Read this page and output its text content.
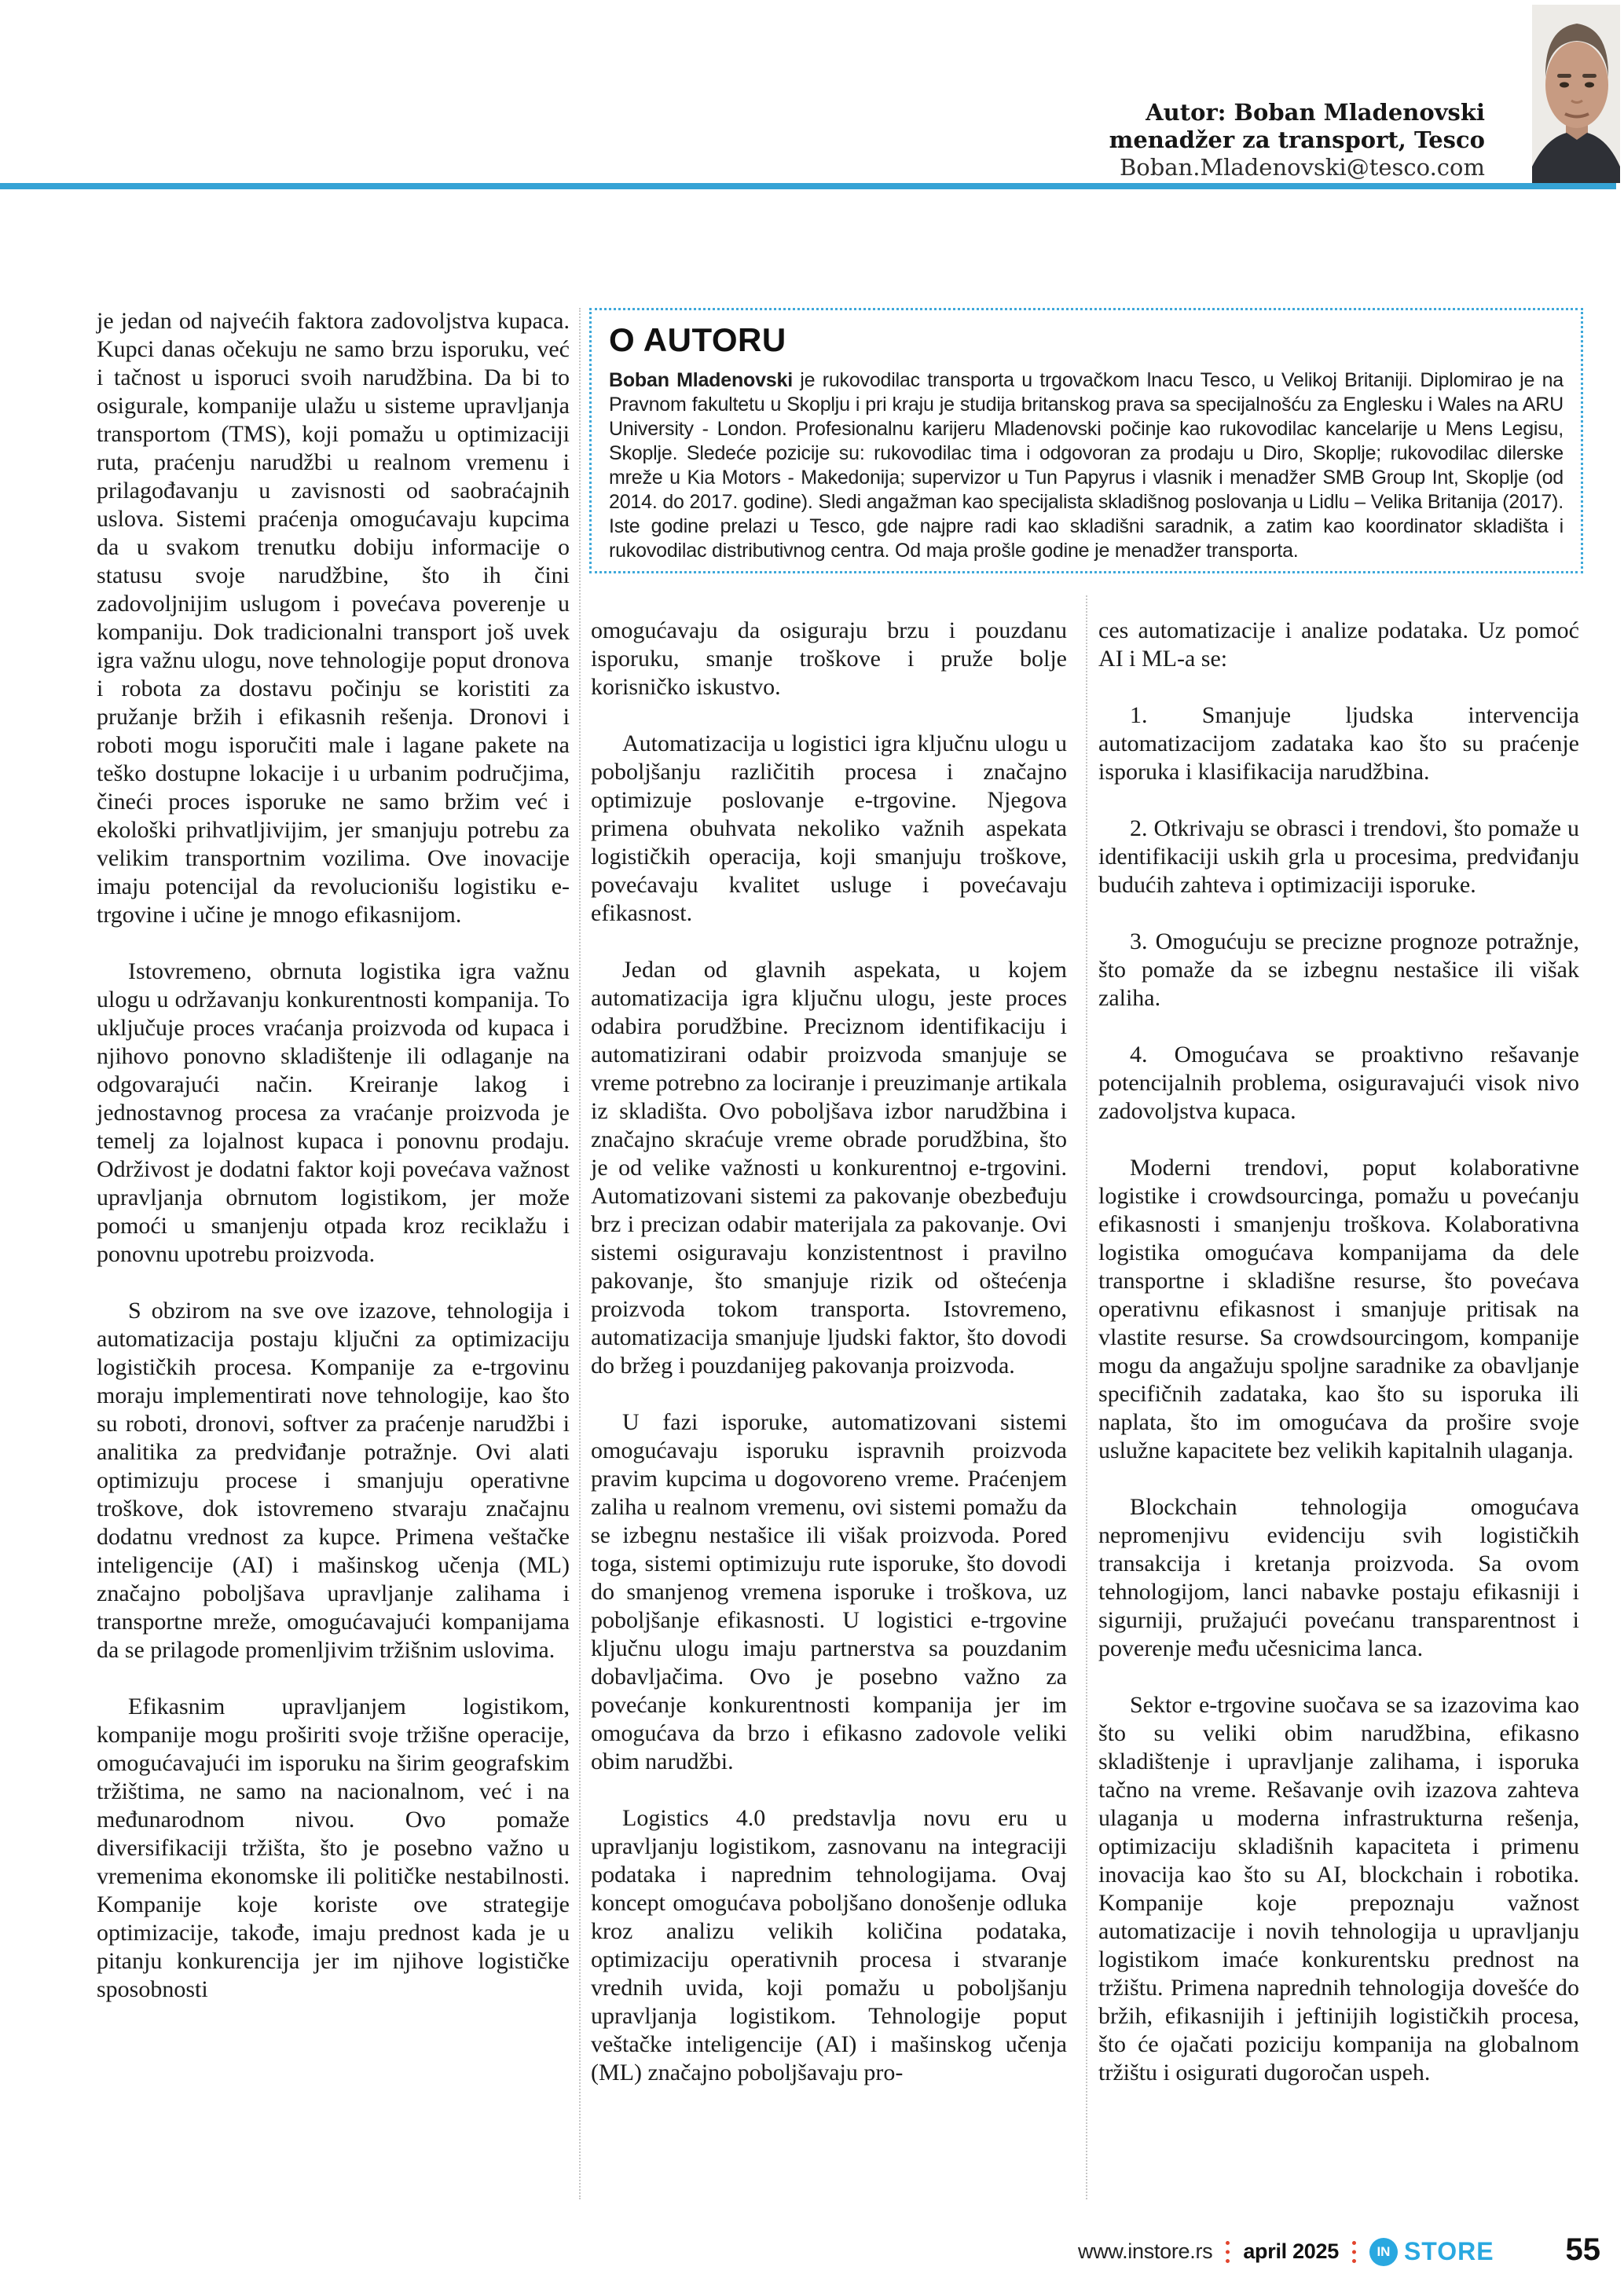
Autor: Boban Mladenovski
menadžer za transport, Tesco
Boban.Mladenovski@tesco.com
O AUTORU

Boban Mladenovski je rukovodilac transporta u trgovačkom lnacu Tesco, u Velikoj Britaniji. Diplomirao je na Pravnom fakultetu u Skoplju i pri kraju je studija britanskog prava sa specijalnošću za Englesku i Wales na ARU University - London. Profesionalnu karijeru Mladenovski počinje kao rukovodilac kancelarije u Mens Legisu, Skoplje. Sledeće pozicije su: rukovodilac tima i odgovoran za prodaju u Diro, Skoplje; rukovodilac dilerske mreže u Kia Motors - Makedonija; supervizor u Tun Papyrus i vlasnik i menadžer SMB Group Int, Skoplje (od 2014. do 2017. godine). Sledi angažman kao specijalista skladišnog poslovanja u Lidlu – Velika Britanija (2017). Iste godine prelazi u Tesco, gde najpre radi kao skladišni saradnik, a zatim kao koordinator skladišta i rukovodilac distributivnog centra. Od maja prošle godine je menadžer transporta.

je jedan od najvećih faktora zadovoljstva kupaca. Kupci danas očekuju ne samo brzu isporuku, već i tačnost u isporuci svoih narudžbina. Da bi to osigurale, kompanije ulažu u sisteme upravljanja transportom (TMS), koji pomažu u optimizaciji ruta, praćenju narudžbi u realnom vremenu i prilagođavanju u zavisnosti od saobraćajnih uslova. Sistemi praćenja omogućavaju kupcima da u svakom trenutku dobiju informacije o statusu svoje narudžbine, što ih čini zadovoljnijim uslugom i povećava poverenje u kompaniju. Dok tradicionalni transport još uvek igra važnu ulogu, nove tehnologije poput dronova i robota za dostavu počinju se koristiti za pružanje bržih i efikasnih rešenja. Dronovi i roboti mogu isporučiti male i lagane pakete na teško dostupne lokacije i u urbanim područjima, čineći proces isporuke ne samo bržim već i ekološki prihvatljivijim, jer smanjuju potrebu za velikim transportnim vozilima. Ove inovacije imaju potencijal da revolucionišu logistiku e-trgovine i učine je mnogo efikasnijom.

Istovremeno, obrnuta logistika igra važnu ulogu u održavanju konkurentnosti kompanija. To uključuje proces vraćanja proizvoda od kupaca i njihovo ponovno skladištenje ili odlaganje na odgovarajući način. Kreiranje lakog i jednostavnog procesa za vraćanje proizvoda je temelj za lojalnost kupaca i ponovnu prodaju. Održivost je dodatni faktor koji povećava važnost upravljanja obrnutom logistikom, jer može pomoći u smanjenju otpada kroz reciklažu i ponovnu upotrebu proizvoda.

S obzirom na sve ove izazove, tehnologija i automatizacija postaju ključni za optimizaciju logističkih procesa. Kompanije za e-trgovinu moraju implementirati nove tehnologije, kao što su roboti, dronovi, softver za praćenje narudžbi i analitika za predviđanje potražnje. Ovi alati optimizuju procese i smanjuju operativne troškove, dok istovremeno stvaraju značajnu dodatnu vrednost za kupce. Primena veštačke inteligencije (AI) i mašinskog učenja (ML) značajno poboljšava upravljanje zalihama i transportne mreže, omogućavajući kompanijama da se prilagode promenljivim tržišnim uslovima.

Efikasnim upravljanjem logistikom, kompanije mogu proširiti svoje tržišne operacije, omogućavajući im isporuku na širim geografskim tržištima, ne samo na nacionalnom, već i na međunarodnom nivou. Ovo pomaže diversifikaciji tržišta, što je posebno važno u vremenima ekonomske ili političke nestabilnosti. Kompanije koje koriste ove strategije optimizacije, takođe, imaju prednost kada je u pitanju konkurencija jer im njihove logističke sposobnosti

omogućavaju da osiguraju brzu i pouzdanu isporuku, smanje troškove i pruže bolje korisničko iskustvo.

Automatizacija u logistici igra ključnu ulogu u poboljšanju različitih procesa i značajno optimizuje poslovanje e-trgovine. Njegova primena obuhvata nekoliko važnih aspekata logističkih operacija, koji smanjuju troškove, povećavaju kvalitet usluge i povećavaju efikasnost.

Jedan od glavnih aspekata, u kojem automatizacija igra ključnu ulogu, jeste proces odabira porudžbine. Preciznom identifikaciju i automatizirani odabir proizvoda smanjuje se vreme potrebno za lociranje i preuzimanje artikala iz skladišta. Ovo poboljšava izbor narudžbina i značajno skraćuje vreme obrade porudžbina, što je od velike važnosti u konkurentnoj e-trgovini. Automatizovani sistemi za pakovanje obezbeđuju brz i precizan odabir materijala za pakovanje. Ovi sistemi osiguravaju konzistentnost i pravilno pakovanje, što smanjuje rizik od oštećenja proizvoda tokom transporta. Istovremeno, automatizacija smanjuje ljudski faktor, što dovodi do bržeg i pouzdanijeg pakovanja proizvoda.

U fazi isporuke, automatizovani sistemi omogućavaju isporuku ispravnih proizvoda pravim kupcima u dogovoreno vreme. Praćenjem zaliha u realnom vremenu, ovi sistemi pomažu da se izbegnu nestašice ili višak proizvoda. Pored toga, sistemi optimizuju rute isporuke, što dovodi do smanjenog vremena isporuke i troškova, uz poboljšanje efikasnosti. U logistici e-trgovine ključnu ulogu imaju partnerstva sa pouzdanim dobavljačima. Ovo je posebno važno za povećanje konkurentnosti kompanija jer im omogućava da brzo i efikasno zadovole veliki obim narudžbi.

Logistics 4.0 predstavlja novu eru u upravljanju logistikom, zasnovanu na integraciji podataka i naprednim tehnologijama. Ovaj koncept omogućava poboljšano donošenje odluka kroz analizu velikih količina podataka, optimizaciju operativnih procesa i stvaranje vrednih uvida, koji pomažu u poboljšanju upravljanja logistikom. Tehnologije poput veštačke inteligencije (AI) i mašinskog učenja (ML) značajno poboljšavaju pro-

ces automatizacije i analize podataka. Uz pomoć AI i ML-a se:

1. Smanjuje ljudska intervencija automatizacijom zadataka kao što su praćenje isporuka i klasifikacija narudžbina.

2. Otkrivaju se obrasci i trendovi, što pomaže u identifikaciji uskih grla u procesima, predviđanju budućih zahteva i optimizaciji isporuke.

3. Omogućuju se precizne prognoze potražnje, što pomaže da se izbegnu nestašice ili višak zaliha.

4. Omogućava se proaktivno rešavanje potencijalnih problema, osiguravajući visok nivo zadovoljstva kupaca.

Moderni trendovi, poput kolaborativne logistike i crowdsourcinga, pomažu u povećanju efikasnosti i smanjenju troškova. Kolaborativna logistika omogućava kompanijama da dele transportne i skladišne resurse, što povećava operativnu efikasnost i smanjuje pritisak na vlastite resurse. Sa crowdsourcingom, kompanije mogu da angažuju spoljne saradnike za obavljanje specifičnih zadataka, kao što su isporuka ili naplata, što im omogućava da prošire svoje uslužne kapacitete bez velikih kapitalnih ulaganja.

Blockchain tehnologija omogućava nepromenjivu evidenciju svih logističkih transakcija i kretanja proizvoda. Sa ovom tehnologijom, lanci nabavke postaju efikasniji i sigurniji, pružajući povećanu transparentnost i poverenje među učesnicima lanca.

Sektor e-trgovine suočava se sa izazovima kao što su veliki obim narudžbina, efikasno skladištenje i upravljanje zalihama, i isporuka tačno na vreme. Rešavanje ovih izazova zahteva ulaganja u moderna infrastrukturna rešenja, optimizaciju skladišnih kapaciteta i primenu inovacija kao što su AI, blockchain i robotika. Kompanije koje prepoznaju važnost automatizacije i novih tehnologija u upravljanju logistikom imaće konkurentsku prednost na tržištu. Primena naprednih tehnologija dovešće do bržih, efikasnijih i jeftinijih logističkih procesa, što će ojačati poziciju kompanija na globalnom tržištu i osigurati dugoročan uspeh.

www.instore.rs april 2025	IN STORE 55
